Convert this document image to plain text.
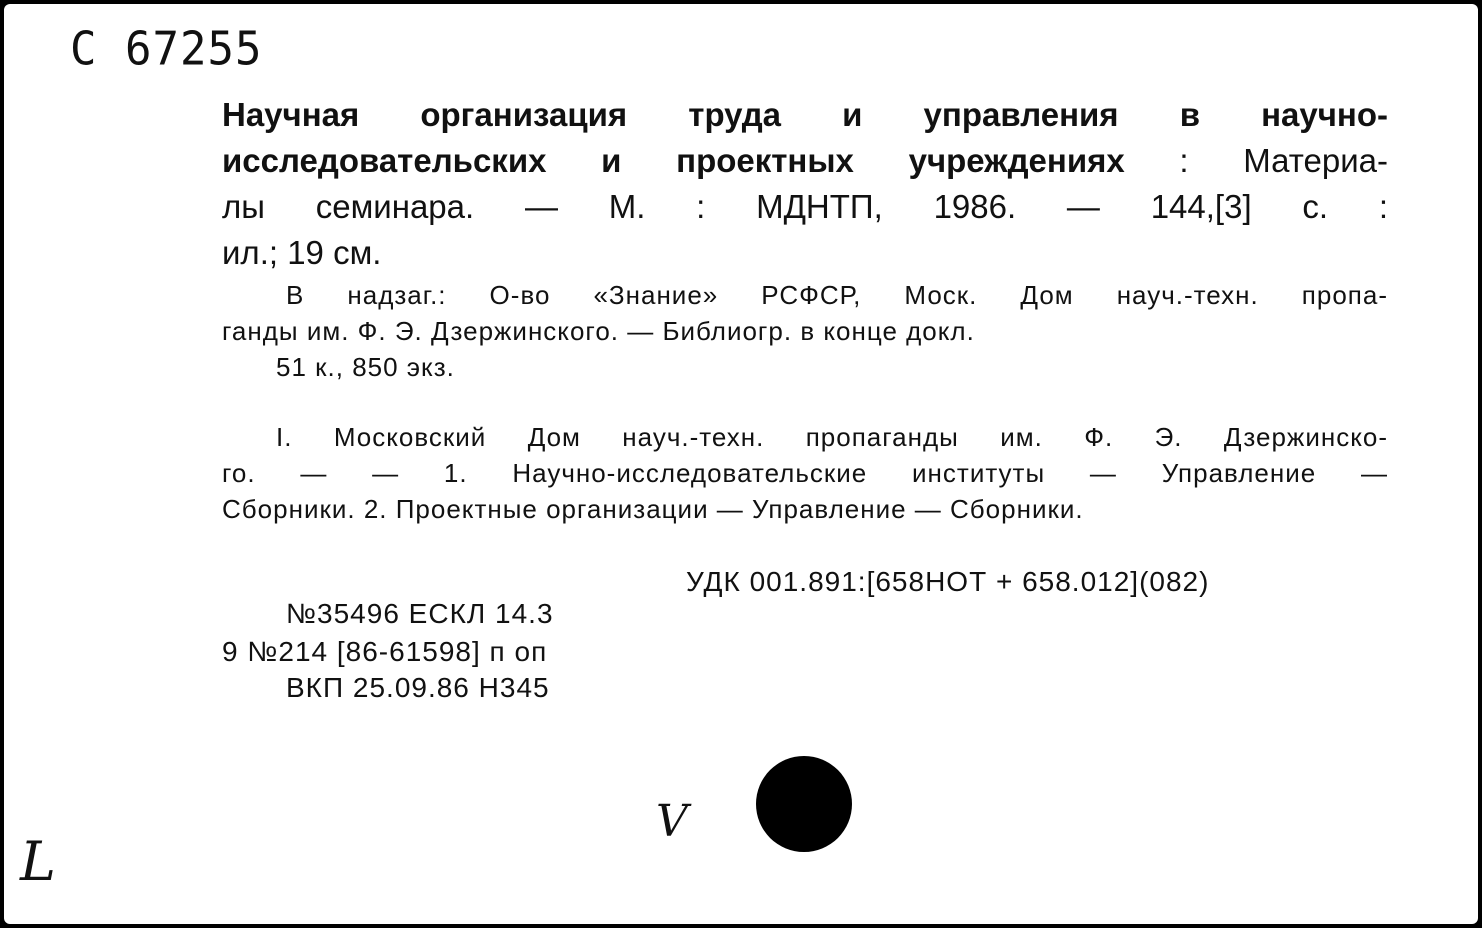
C 67255
Научная организация труда и управления в научно-
исследовательских и проектных учреждениях : Материа-
лы семинара. — М. : МДНТП, 1986. — 144,[3] с. :
ил.; 19 см.
В надзаг.: О-во «Знание» РСФСР, Моск. Дом науч.-техн. пропа-
ганды им. Ф. Э. Дзержинского. — Библиогр. в конце докл.
51 к., 850 экз.
I. Московский Дом науч.-техн. пропаганды им. Ф. Э. Дзержинско-
го. — — 1. Научно-исследовательские институты — Управление —
Сборники. 2. Проектные организации — Управление — Сборники.
УДК 001.891:[658НОТ + 658.012](082)
№35496 ЕСКЛ 14.3
9 №214 [86-61598] п оп
ВКП 25.09.86 Н345
L
V
